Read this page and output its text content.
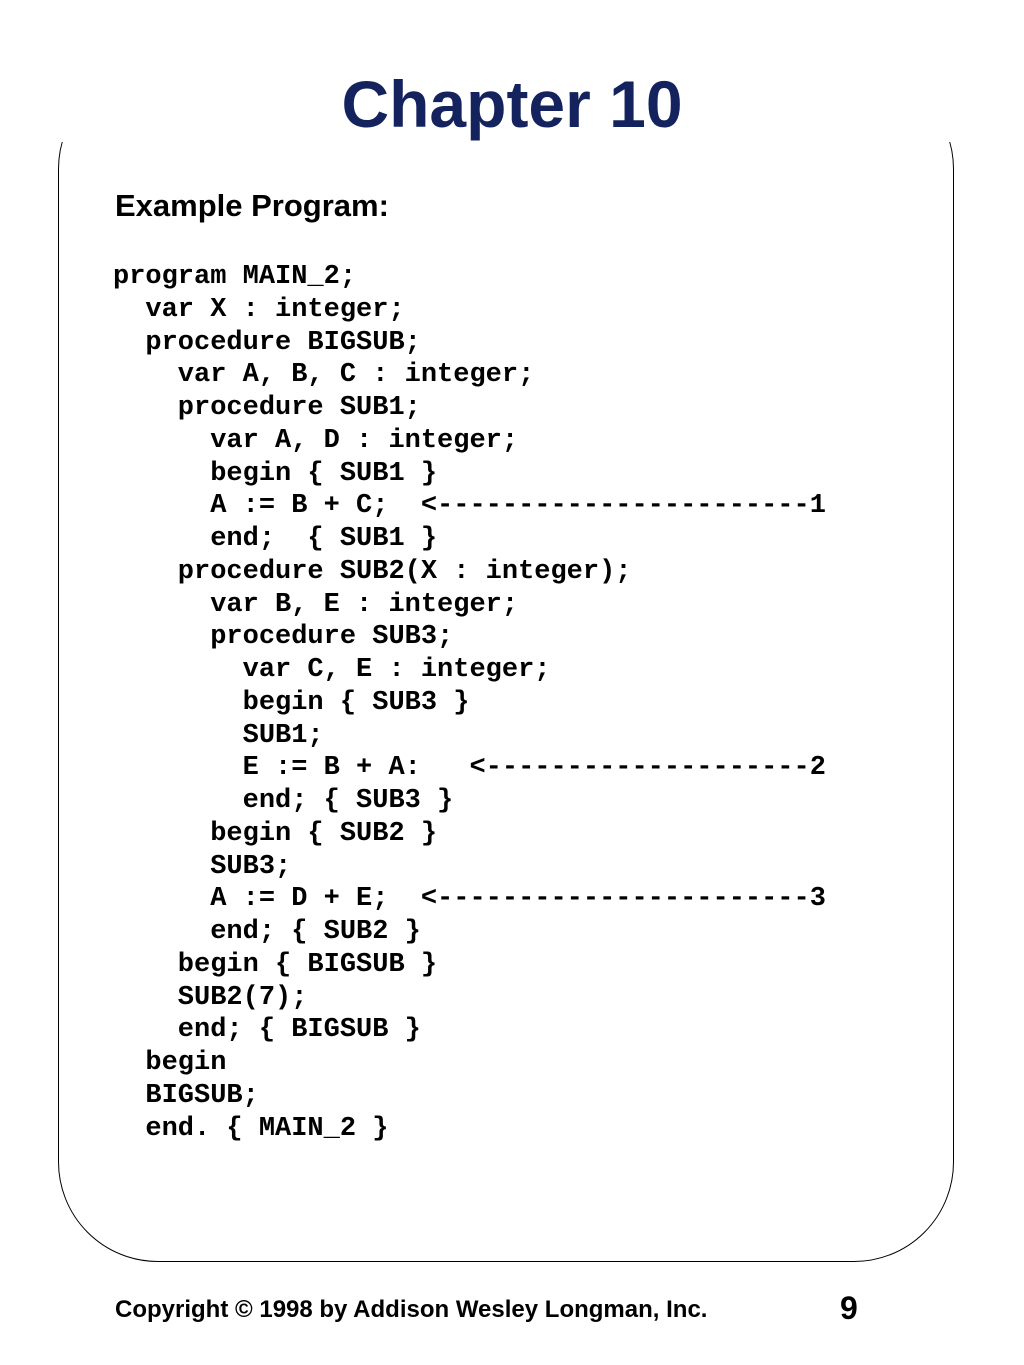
Chapter 10
Example Program:
program MAIN_2;
var X : integer;
procedure BIGSUB;
var A, B, C : integer;
procedure SUB1;
var A, D : integer;
begin { SUB1 }
A := B + C;  <-----------------------1
end;  { SUB1 }
procedure SUB2(X : integer);
var B, E : integer;
procedure SUB3;
var C, E : integer;
begin { SUB3 }
SUB1;
E := B + A:   <--------------------2
end; { SUB3 }
begin { SUB2 }
SUB3;
A := D + E;  <-----------------------3
end; { SUB2 }
begin { BIGSUB }
SUB2(7);
end; { BIGSUB }
begin
BIGSUB;
end. { MAIN_2 }
Copyright © 1998 by Addison Wesley Longman, Inc.	9
